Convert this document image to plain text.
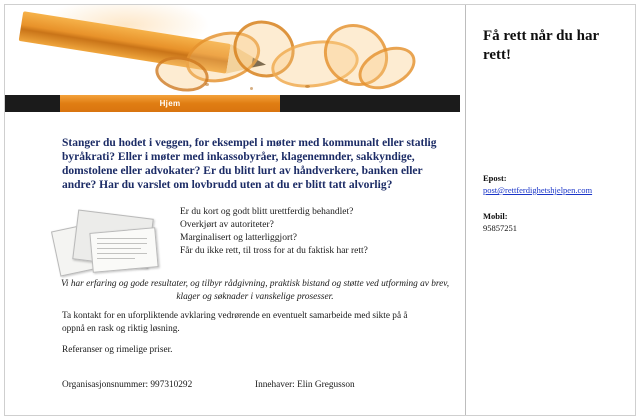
Hjem
Stanger du hodet i veggen, for eksempel i møter med kommunalt eller statlig byråkrati? Eller i møter med inkassobyråer, klagenemnder, sakkyndige, domstolene eller advokater? Er du blitt lurt av håndverkere, banken eller andre? Har du varslet om lovbrudd uten at du er blitt tatt alvorlig?
Er du kort og godt blitt urettferdig behandlet?
Overkjørt av autoriteter?
Marginalisert og latterliggjort?
Får du ikke rett, til tross for at du faktisk har rett?
Vi har erfaring og gode resultater, og tilbyr rådgivning, praktisk bistand og støtte ved utforming av brev, klager og søknader i vanskelige prosesser.
Ta kontakt for en uforpliktende avklaring vedrørende en eventuelt samarbeide med sikte på å oppnå en rask og riktig løsning.
Referanser og rimelige priser.
Organisasjonsnummer: 997310292	Innehaver: Elin Gregusson
Få rett når du har rett!
Epost:
post@rettferdighetshjelpen.com
Mobil:
95857251
